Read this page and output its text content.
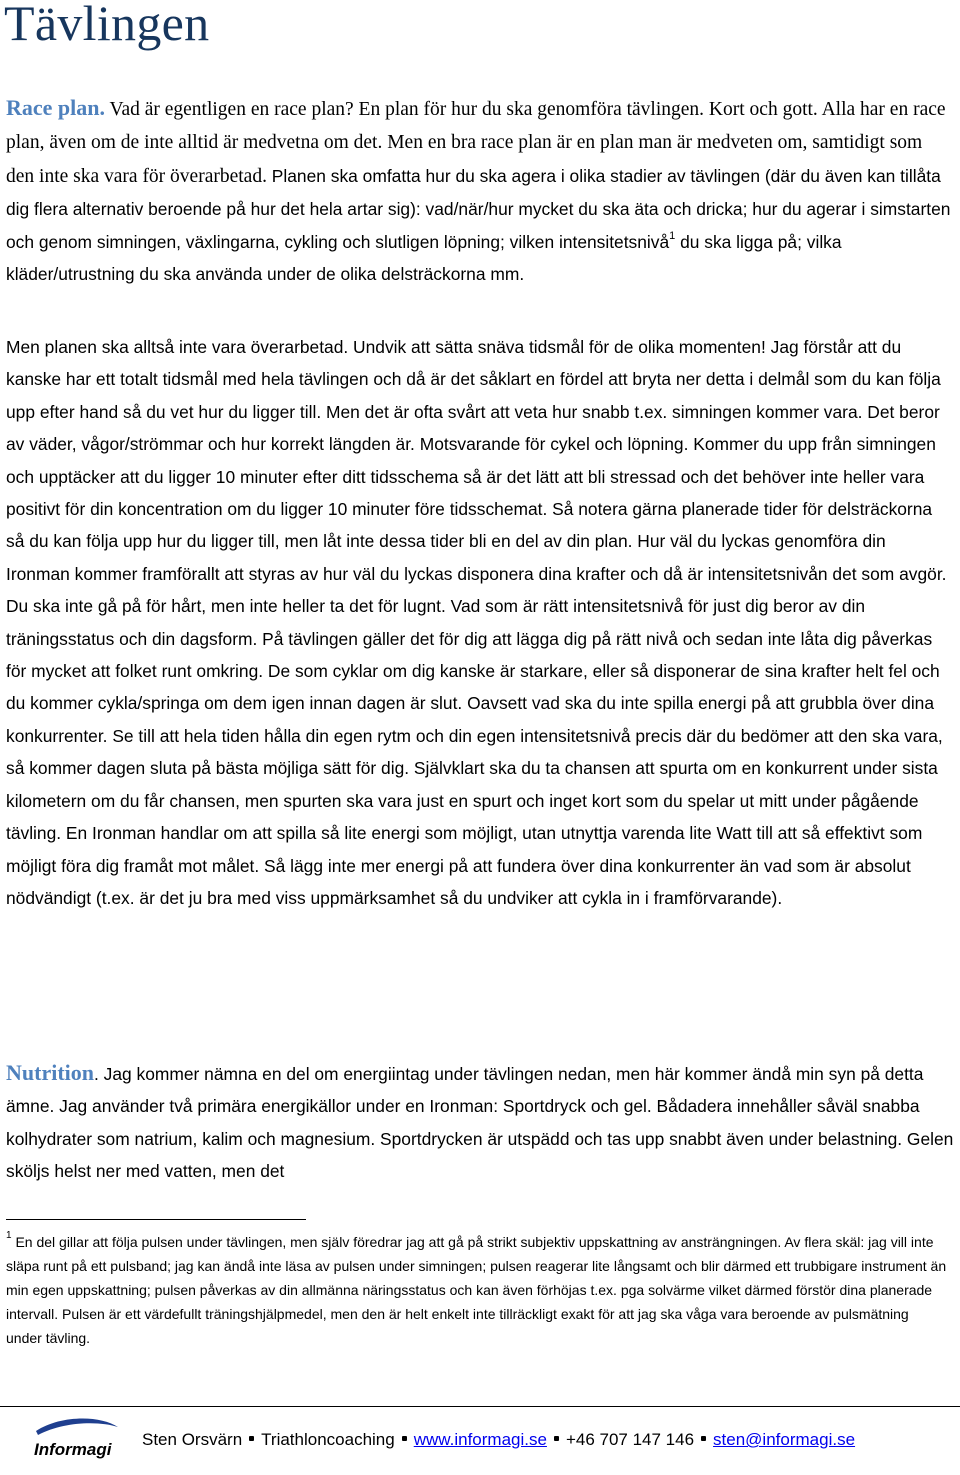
Tävlingen

Race plan. Vad är egentligen en race plan? En plan för hur du ska genomföra tävlingen. Kort och gott. Alla har en race plan, även om de inte alltid är medvetna om det. Men en bra race plan är en plan man är medveten om, samtidigt som den inte ska vara för överarbetad. Planen ska omfatta hur du ska agera i olika stadier av tävlingen (där du även kan tillåta dig flera alternativ beroende på hur det hela artar sig): vad/när/hur mycket du ska äta och dricka; hur du agerar i simstarten och genom simningen, växlingarna, cykling och slutligen löpning; vilken intensitetsnivå$^1$ du ska ligga på; vilka kläder/utrustning du ska använda under de olika delsträckorna mm.

Men planen ska alltså inte vara överarbetad. Undvik att sätta snäva tidsmål för de olika momenten! Jag förstår att du kanske har ett totalt tidsmål med hela tävlingen och då är det såklart en fördel att bryta ner detta i delmål som du kan följa upp efter hand så du vet hur du ligger till. Men det är ofta svårt att veta hur snabb t.ex. simningen kommer vara. Det beror av väder, vågor/strömmar och hur korrekt längden är. Motsvarande för cykel och löpning. Kommer du upp från simningen och upptäcker att du ligger 10 minuter efter ditt tidsschema så är det lätt att bli stressad och det behöver inte heller vara positivt för din koncentration om du ligger 10 minuter före tidsschemat. Så notera gärna planerade tider för delsträckorna så du kan följa upp hur du ligger till, men låt inte dessa tider bli en del av din plan. Hur väl du lyckas genomföra din Ironman kommer framförallt att styras av hur väl du lyckas disponera dina krafter och då är intensitetsnivån det som avgör. Du ska inte gå på för hårt, men inte heller ta det för lugnt. Vad som är rätt intensitetsnivå för just dig beror av din träningsstatus och din dagsform. På tävlingen gäller det för dig att lägga dig på rätt nivå och sedan inte låta dig påverkas för mycket att folket runt omkring. De som cyklar om dig kanske är starkare, eller så disponerar de sina krafter helt fel och du kommer cykla/springa om dem igen innan dagen är slut. Oavsett vad ska du inte spilla energi på att grubbla över dina konkurrenter. Se till att hela tiden hålla din egen rytm och din egen intensitetsnivå precis där du bedömer att den ska vara, så kommer dagen sluta på bästa möjliga sätt för dig. Självklart ska du ta chansen att spurta om en konkurrent under sista kilometern om du får chansen, men spurten ska vara just en spurt och inget kort som du spelar ut mitt under pågående tävling. En Ironman handlar om att spilla så lite energi som möjligt, utan utnyttja varenda lite Watt till att så effektivt som möjligt föra dig framåt mot målet. Så lägg inte mer energi på att fundera över dina konkurrenter än vad som är absolut nödvändigt (t.ex. är det ju bra med viss uppmärksamhet så du undviker att cykla in i framförvarande).

Nutrition. Jag kommer nämna en del om energiintag under tävlingen nedan, men här kommer ändå min syn på detta ämne. Jag använder två primära energikällor under en Ironman: Sportdryck och gel. Bådadera innehåller såväl snabba kolhydrater som natrium, kalim och magnesium. Sportdrycken är utspädd och tas upp snabbt även under belastning. Gelen sköljs helst ner med vatten, men det

$^1$ En del gillar att följa pulsen under tävlingen, men själv föredrar jag att gå på strikt subjektiv uppskattning av ansträngningen. Av flera skäl: jag vill inte släpa runt på ett pulsband; jag kan ändå inte läsa av pulsen under simningen; pulsen reagerar lite långsamt och blir därmed ett trubbigare instrument än min egen uppskattning; pulsen påverkas av din allmänna näringsstatus och kan även förhöjas t.ex. pga solvärme vilket därmed förstör dina planerade intervall. Pulsen är ett värdefullt träningshjälpmedel, men den är helt enkelt inte tillräckligt exakt för att jag ska våga vara beroende av pulsmätning under tävling.

Informagi

Sten Orsvärn Triathloncoaching www.informagi.se +46 707 147 146 sten@informagi.se
